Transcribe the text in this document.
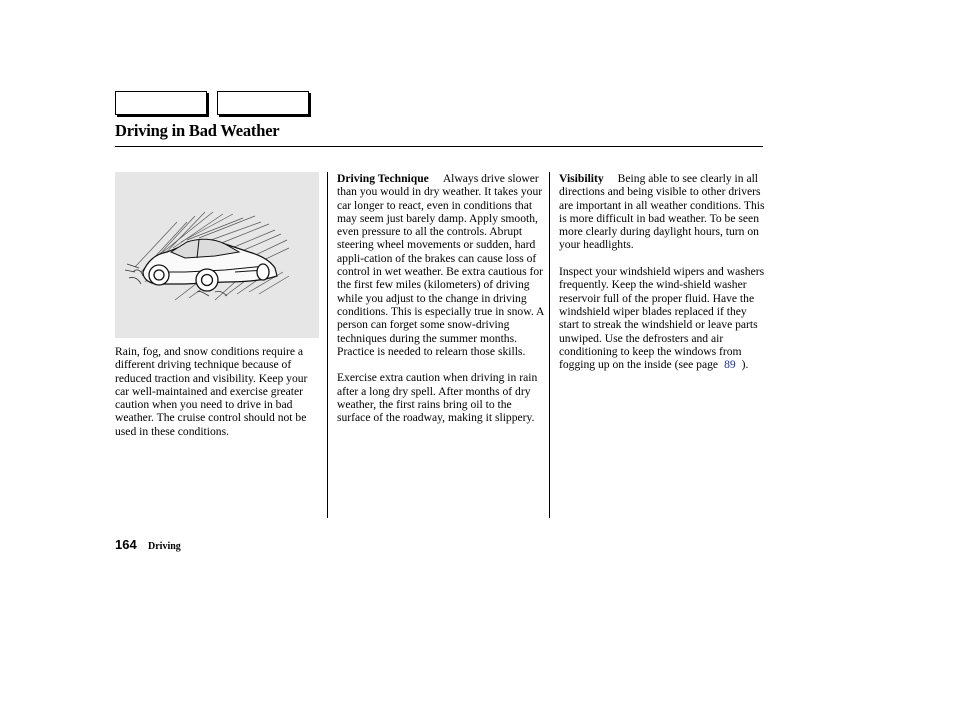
Driving in Bad Weather

Rain, fog, and snow conditions require a different driving technique because of reduced traction and visibility. Keep your car well-maintained and exercise greater caution when you need to drive in bad weather. The cruise control should not be used in these conditions.

Driving Technique Always drive slower than you would in dry weather. It takes your car longer to react, even in conditions that may seem just barely damp. Apply smooth, even pressure to all the controls. Abrupt steering wheel movements or sudden, hard appli-cation of the brakes can cause loss of control in wet weather. Be extra cautious for the first few miles (kilometers) of driving while you adjust to the change in driving conditions. This is especially true in snow. A person can forget some snow-driving techniques during the summer months. Practice is needed to relearn those skills.

Exercise extra caution when driving in rain after a long dry spell. After months of dry weather, the first rains bring oil to the surface of the roadway, making it slippery.

Visibility Being able to see clearly in all directions and being visible to other drivers are important in all weather conditions. This is more difficult in bad weather. To be seen more clearly during daylight hours, turn on your headlights.

Inspect your windshield wipers and washers frequently. Keep the wind-shield washer reservoir full of the proper fluid. Have the windshield wiper blades replaced if they start to streak the windshield or leave parts unwiped. Use the defrosters and air conditioning to keep the windows from fogging up on the inside (see page 89 ).

164 Driving
